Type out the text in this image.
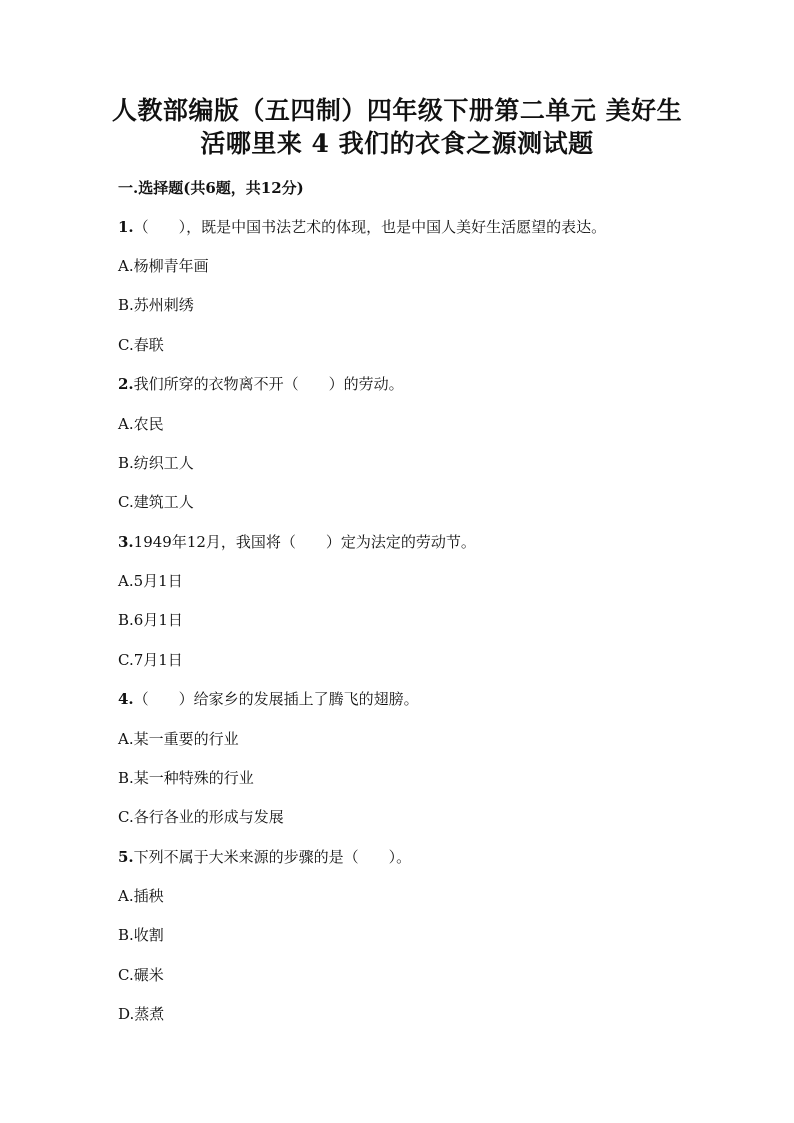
人教部编版（五四制）四年级下册第二单元 美好生
活哪里来 4 我们的衣食之源测试题
一.选择题(共6题，共12分)
1.（　　），既是中国书法艺术的体现，也是中国人美好生活愿望的表达。
A.杨柳青年画
B.苏州刺绣
C.春联
2.我们所穿的衣物离不开（　　）的劳动。
A.农民
B.纺织工人
C.建筑工人
3.1949年12月，我国将（　　）定为法定的劳动节。
A.5月1日
B.6月1日
C.7月1日
4.（　　）给家乡的发展插上了腾飞的翅膀。
A.某一重要的行业
B.某一种特殊的行业
C.各行各业的形成与发展
5.下列不属于大米来源的步骤的是（　　）。
A.插秧
B.收割
C.碾米
D.蒸煮
